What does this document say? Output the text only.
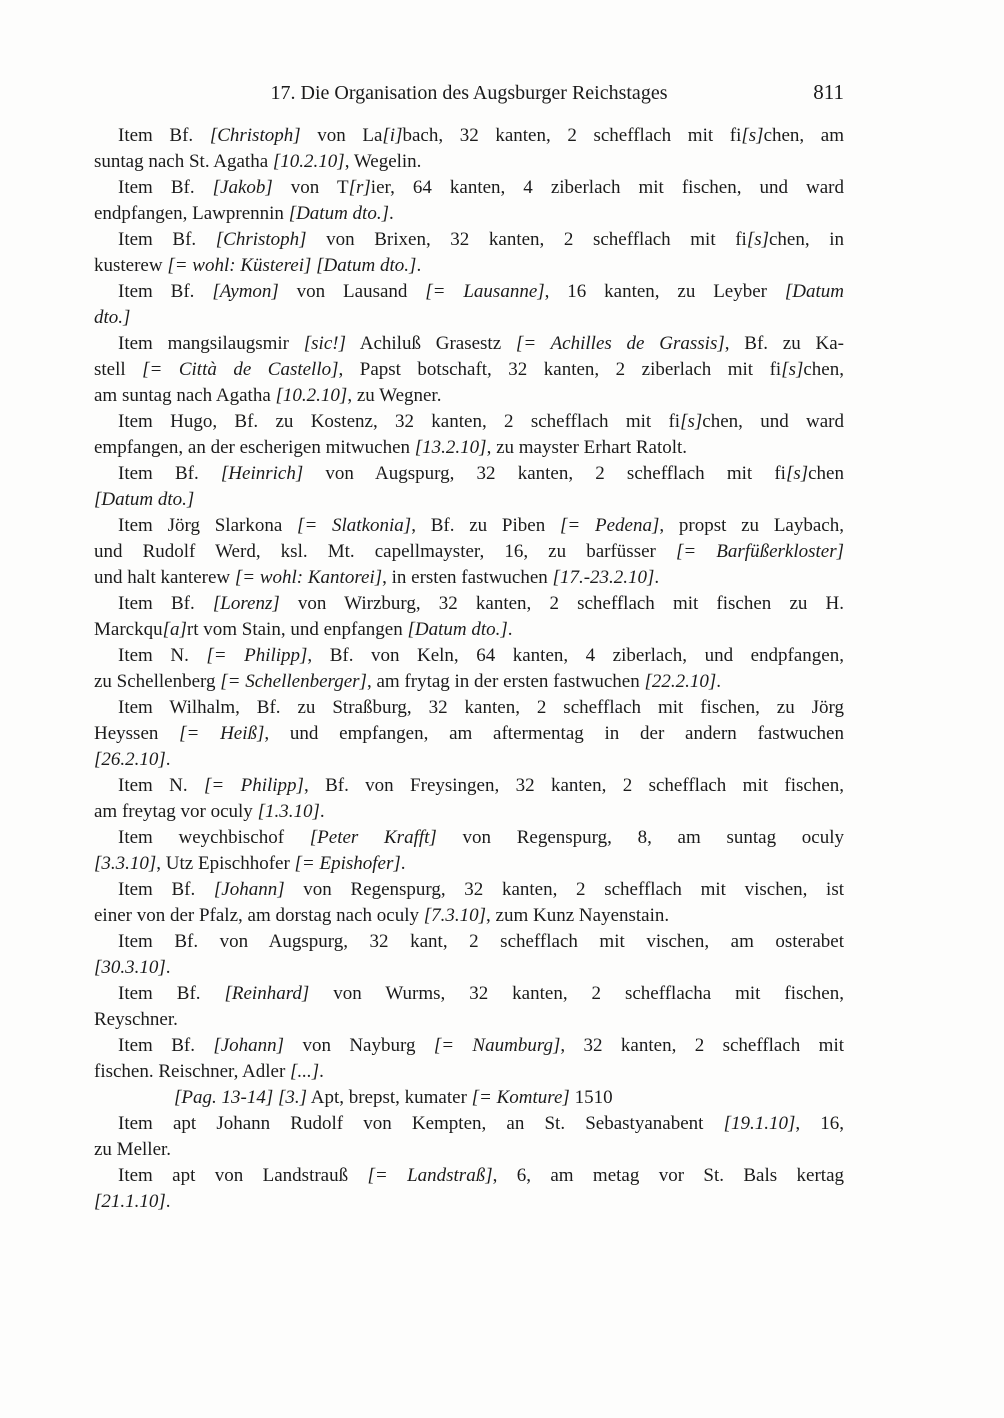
17. Die Organisation des Augsburger Reichstages	811
Item Bf. [Christoph] von La[i]bach, 32 kanten, 2 schefflach mit fi[s]chen, am
suntag nach St. Agatha [10.2.10], Wegelin.
Item Bf. [Jakob] von T[r]ier, 64 kanten, 4 ziberlach mit fischen, und ward
endpfangen, Lawprennin [Datum dto.].
Item Bf. [Christoph] von Brixen, 32 kanten, 2 schefflach mit fi[s]chen, in
kusterew [= wohl: Küsterei] [Datum dto.].
Item Bf. [Aymon] von Lausand [= Lausanne], 16 kanten, zu Leyber [Datum
dto.]
Item mangsilaugsmir [sic!] Achiluß Grasestz [= Achilles de Grassis], Bf. zu Ka-
stell [= Città de Castello], Papst botschaft, 32 kanten, 2 ziberlach mit fi[s]chen,
am suntag nach Agatha [10.2.10], zu Wegner.
Item Hugo, Bf. zu Kostenz, 32 kanten, 2 schefflach mit fi[s]chen, und ward
empfangen, an der escherigen mitwuchen [13.2.10], zu mayster Erhart Ratolt.
Item Bf. [Heinrich] von Augspurg, 32 kanten, 2 schefflach mit fi[s]chen
[Datum dto.]
Item Jörg Slarkona [= Slatkonia], Bf. zu Piben [= Pedena], propst zu Laybach,
und Rudolf Werd, ksl. Mt. capellmayster, 16, zu barfüsser [= Barfüßerkloster]
und halt kanterew [= wohl: Kantorei], in ersten fastwuchen [17.-23.2.10].
Item Bf. [Lorenz] von Wirzburg, 32 kanten, 2 schefflach mit fischen zu H.
Marckqu[a]rt vom Stain, und enpfangen [Datum dto.].
Item N. [= Philipp], Bf. von Keln, 64 kanten, 4 ziberlach, und endpfangen,
zu Schellenberg [= Schellenberger], am frytag in der ersten fastwuchen [22.2.10].
Item Wilhalm, Bf. zu Straßburg, 32 kanten, 2 schefflach mit fischen, zu Jörg
Heyssen [= Heiß], und empfangen, am aftermentag in der andern fastwuchen
[26.2.10].
Item N. [= Philipp], Bf. von Freysingen, 32 kanten, 2 schefflach mit fischen,
am freytag vor oculy [1.3.10].
Item weychbischof [Peter Krafft] von Regenspurg, 8, am suntag oculy
[3.3.10], Utz Epischhofer [= Epishofer].
Item Bf. [Johann] von Regenspurg, 32 kanten, 2 schefflach mit vischen, ist
einer von der Pfalz, am dorstag nach oculy [7.3.10], zum Kunz Nayenstain.
Item Bf. von Augspurg, 32 kant, 2 schefflach mit vischen, am osterabet
[30.3.10].
Item Bf. [Reinhard] von Wurms, 32 kanten, 2 schefflacha mit fischen,
Reyschner.
Item Bf. [Johann] von Nayburg [= Naumburg], 32 kanten, 2 schefflach mit
fischen. Reischner, Adler [...].
[Pag. 13-14] [3.] Apt, brepst, kumater [= Komture] 1510
Item apt Johann Rudolf von Kempten, an St. Sebastyanabent [19.1.10], 16,
zu Meller.
Item apt von Landstrauß [= Landstraß], 6, am metag vor St. Bals kertag
[21.1.10].
